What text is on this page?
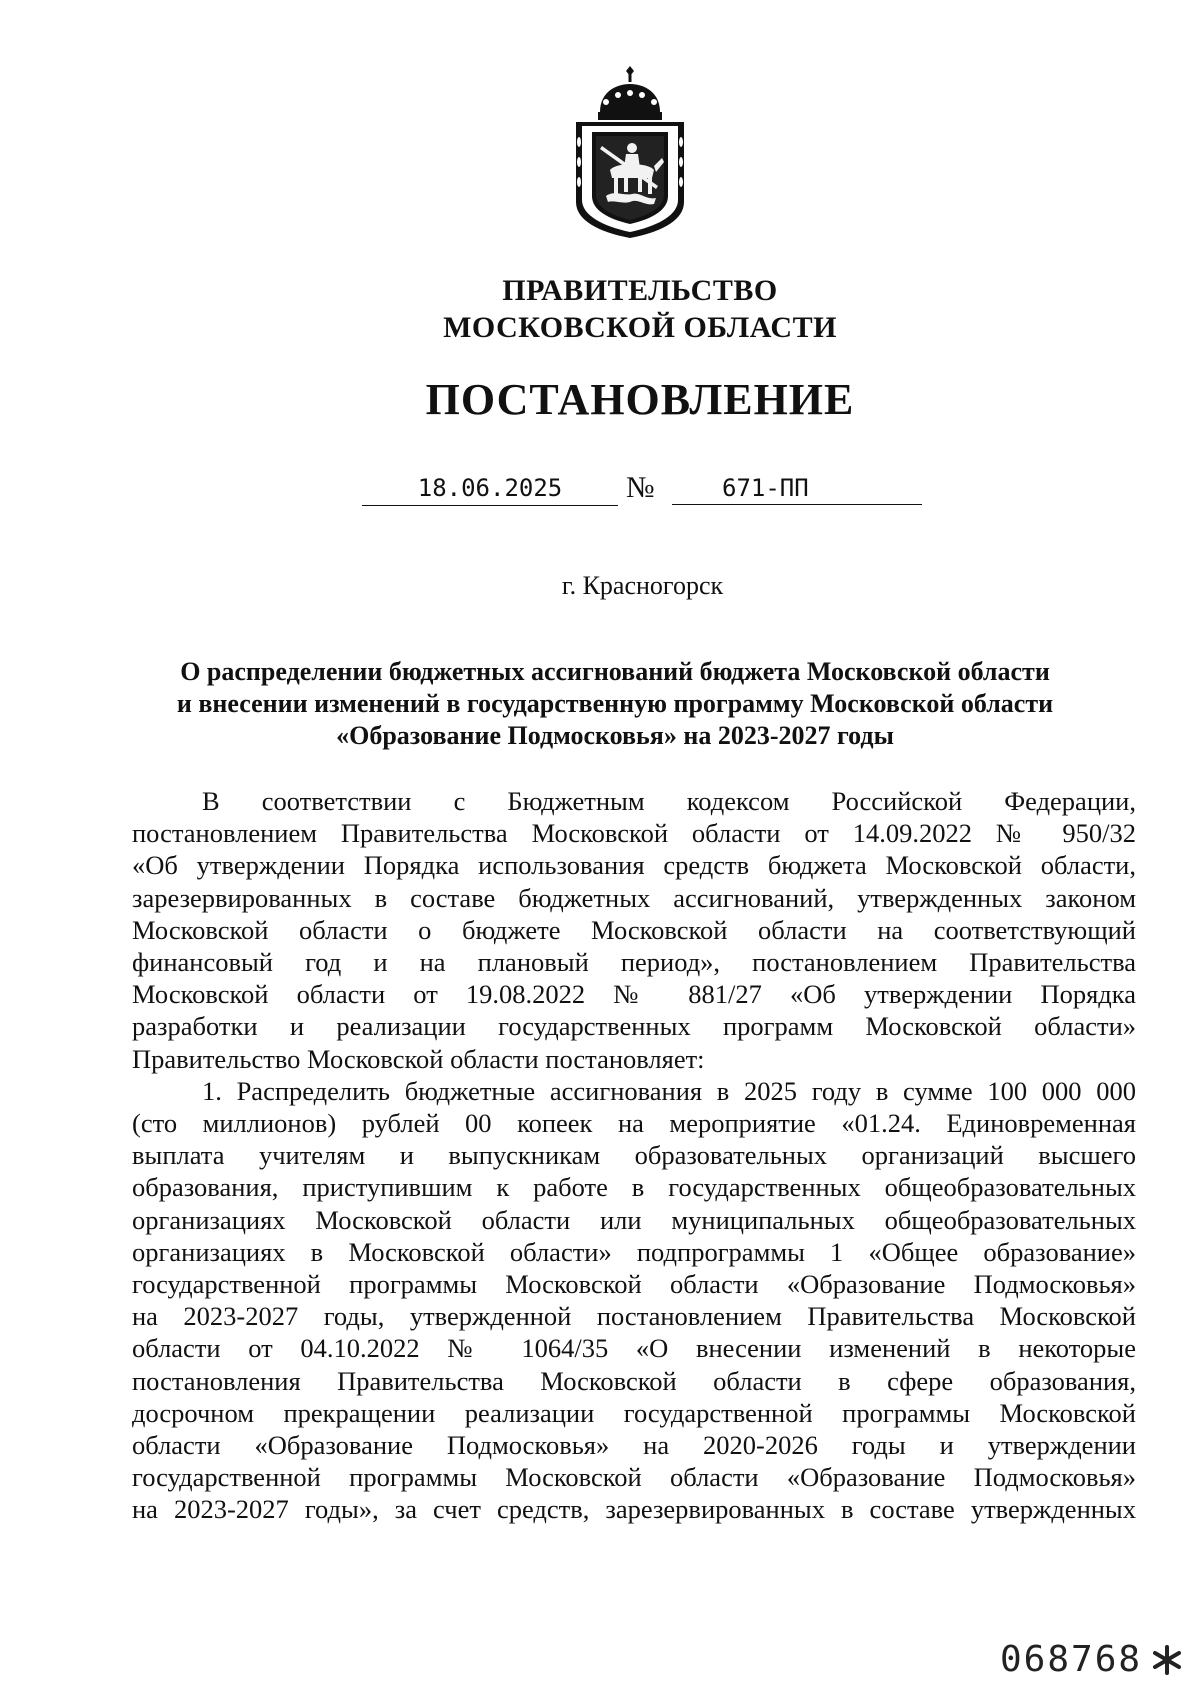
ПРАВИТЕЛЬСТВО
МОСКОВСКОЙ ОБЛАСТИ
ПОСТАНОВЛЕНИЕ
18.06.2025	№	671-ПП
г. Красногорск
О распределении бюджетных ассигнований бюджета Московской области
и внесении изменений в государственную программу Московской области
«Образование Подмосковья» на 2023-2027 годы
В соответствии с Бюджетным кодексом Российской Федерации,
постановлением Правительства Московской области от 14.09.2022 № 950/32
«Об утверждении Порядка использования средств бюджета Московской области,
зарезервированных в составе бюджетных ассигнований, утвержденных законом
Московской области о бюджете Московской области на соответствующий
финансовый год и на плановый период», постановлением Правительства
Московской области от 19.08.2022 № 881/27 «Об утверждении Порядка
разработки и реализации государственных программ Московской области»
Правительство Московской области постановляет:
1. Распределить бюджетные ассигнования в 2025 году в сумме 100 000 000
(сто миллионов) рублей 00 копеек на мероприятие «01.24. Единовременная
выплата учителям и выпускникам образовательных организаций высшего
образования, приступившим к работе в государственных общеобразовательных
организациях Московской области или муниципальных общеобразовательных
организациях в Московской области» подпрограммы 1 «Общее образование»
государственной программы Московской области «Образование Подмосковья»
на 2023-2027 годы, утвержденной постановлением Правительства Московской
области от 04.10.2022 № 1064/35 «О внесении изменений в некоторые
постановления Правительства Московской области в сфере образования,
досрочном прекращении реализации государственной программы Московской
области «Образование Подмосковья» на 2020-2026 годы и утверждении
государственной программы Московской области «Образование Подмосковья»
на 2023-2027 годы», за счет средств, зарезервированных в составе утвержденных
068768
